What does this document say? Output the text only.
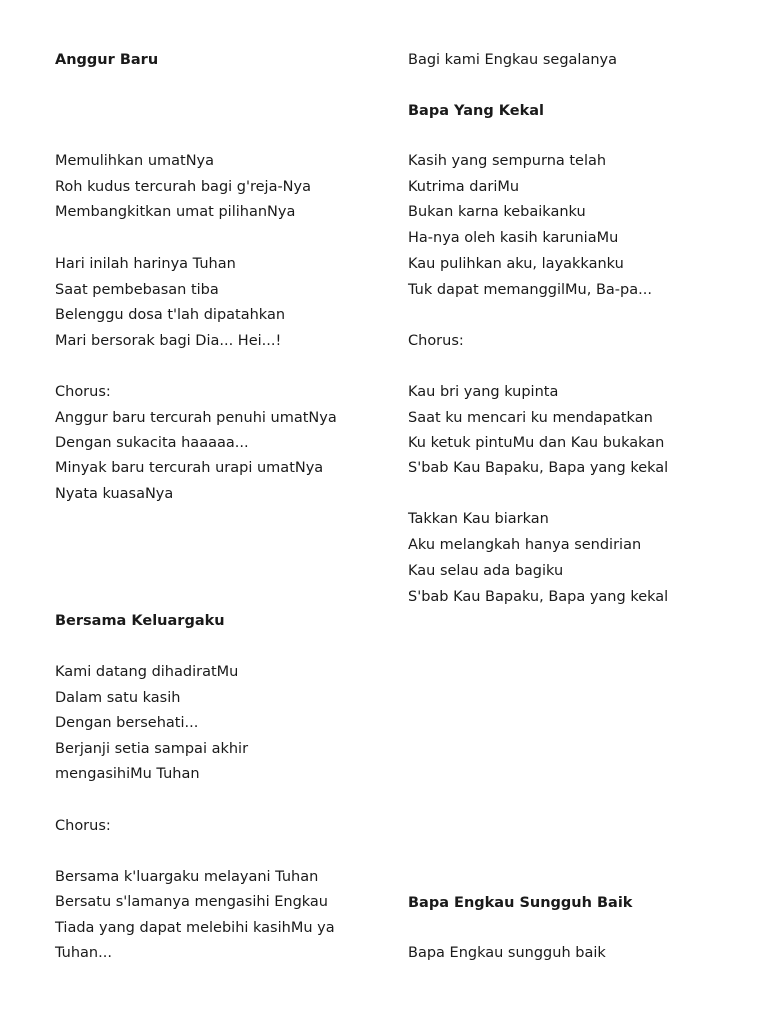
Anggur Baru
Memulihkan umatNya
Roh kudus tercurah bagi g'reja-Nya
Membangkitkan umat pilihanNya
Hari inilah harinya Tuhan
Saat pembebasan tiba
Belenggu dosa t'lah dipatahkan
Mari bersorak bagi Dia... Hei...!
Chorus:
Anggur baru tercurah penuhi umatNya
Dengan sukacita haaaaa...
Minyak baru tercurah urapi umatNya
Nyata kuasaNya
Bersama Keluargaku
Kami datang dihadiratMu
Dalam satu kasih
Dengan bersehati...
Berjanji setia sampai akhir
mengasihiMu Tuhan
Chorus:
Bersama k'luargaku melayani Tuhan
Bersatu s'lamanya mengasihi Engkau
Tiada yang dapat melebihi kasihMu ya
Tuhan...
Bagi kami Engkau segalanya
Bapa Yang Kekal
Kasih yang sempurna telah
Kutrima dariMu
Bukan karna kebaikanku
Ha-nya oleh kasih karuniaMu
Kau pulihkan aku, layakkanku
Tuk dapat memanggilMu, Ba-pa...
Chorus:
Kau bri yang kupinta
Saat ku mencari ku mendapatkan
Ku ketuk pintuMu dan Kau bukakan
S'bab Kau Bapaku, Bapa yang kekal
Takkan Kau biarkan
Aku melangkah hanya sendirian
Kau selau ada bagiku
S'bab Kau Bapaku, Bapa yang kekal
Bapa Engkau Sungguh Baik
Bapa Engkau sungguh baik
